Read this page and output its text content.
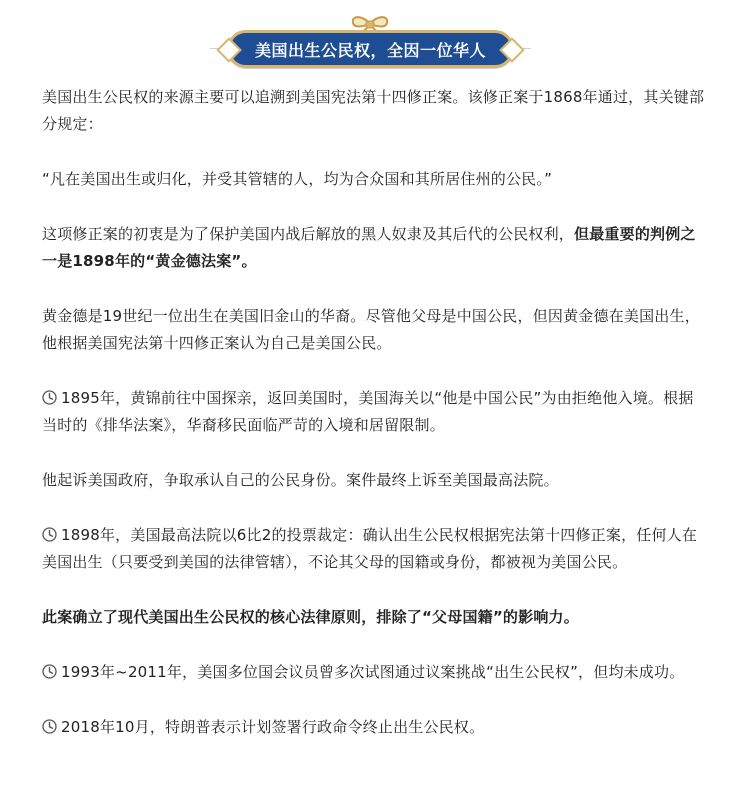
美国出生公民权，全因一位华人

美国出生公民权的来源主要可以追溯到美国宪法第十四修正案。该修正案于1868年通过，其关键部分规定：

“凡在美国出生或归化，并受其管辖的人，均为合众国和其所居住州的公民。”

这项修正案的初衷是为了保护美国内战后解放的黑人奴隶及其后代的公民权利，但最重要的判例之一是1898年的“黄金德法案”。

黄金德是19世纪一位出生在美国旧金山的华裔。尽管他父母是中国公民，但因黄金德在美国出生，他根据美国宪法第十四修正案认为自己是美国公民。

1895年，黄锦前往中国探亲，返回美国时，美国海关以“他是中国公民”为由拒绝他入境。根据当时的《排华法案》，华裔移民面临严苛的入境和居留限制。

他起诉美国政府，争取承认自己的公民身份。案件最终上诉至美国最高法院。

1898年，美国最高法院以6比2的投票裁定：确认出生公民权根据宪法第十四修正案，任何人在美国出生（只要受到美国的法律管辖），不论其父母的国籍或身份，都被视为美国公民。

此案确立了现代美国出生公民权的核心法律原则，排除了“父母国籍”的影响力。

1993年~2011年，美国多位国会议员曾多次试图通过议案挑战“出生公民权”，但均未成功。

2018年10月，特朗普表示计划签署行政命令终止出生公民权。
